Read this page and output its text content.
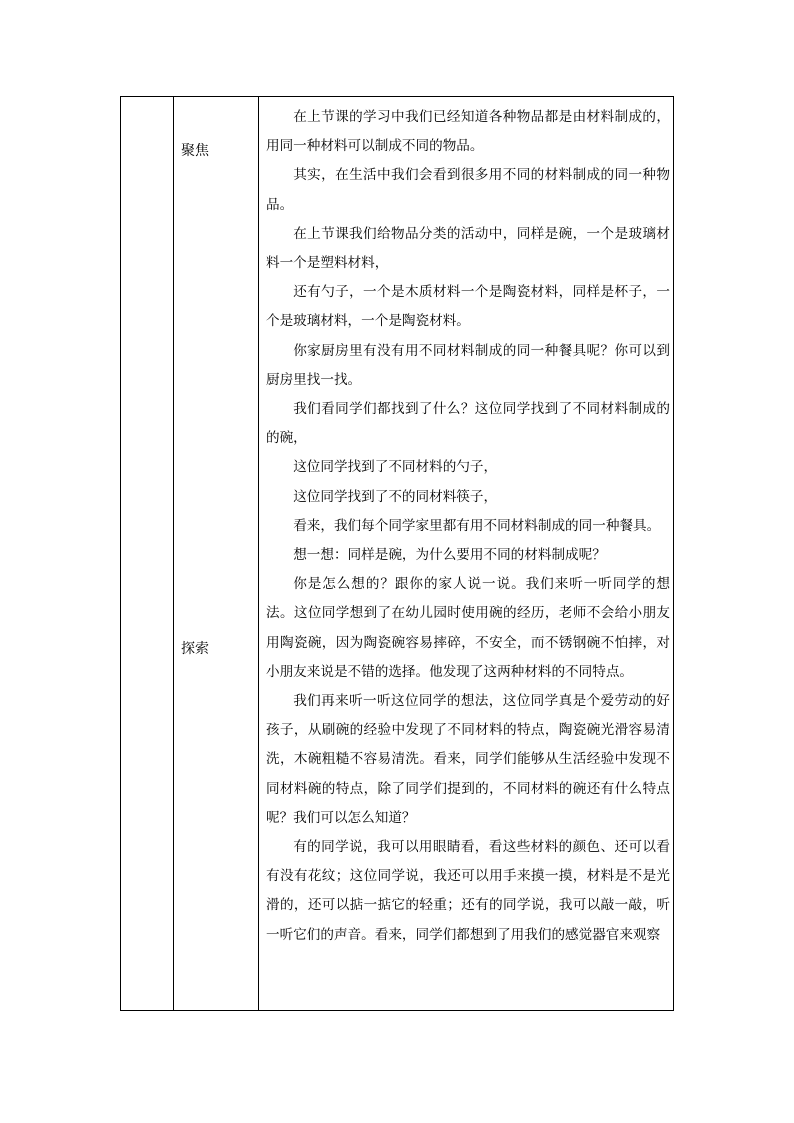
聚焦
探索

在上节课的学习中我们已经知道各种物品都是由材料制成的，用同一种材料可以制成不同的物品。

其实，在生活中我们会看到很多用不同的材料制成的同一种物品。

在上节课我们给物品分类的活动中，同样是碗，一个是玻璃材料一个是塑料材料，

还有勺子，一个是木质材料一个是陶瓷材料，同样是杯子，一个是玻璃材料，一个是陶瓷材料。

你家厨房里有没有用不同材料制成的同一种餐具呢？你可以到厨房里找一找。

我们看同学们都找到了什么？这位同学找到了不同材料制成的的碗，

这位同学找到了不同材料的勺子，

这位同学找到了不的同材料筷子，

看来，我们每个同学家里都有用不同材料制成的同一种餐具。

想一想：同样是碗，为什么要用不同的材料制成呢？

你是怎么想的？跟你的家人说一说。我们来听一听同学的想法。这位同学想到了在幼儿园时使用碗的经历，老师不会给小朋友用陶瓷碗，因为陶瓷碗容易摔碎，不安全，而不锈钢碗不怕摔，对小朋友来说是不错的选择。他发现了这两种材料的不同特点。

我们再来听一听这位同学的想法，这位同学真是个爱劳动的好孩子，从刷碗的经验中发现了不同材料的特点，陶瓷碗光滑容易清洗，木碗粗糙不容易清洗。看来，同学们能够从生活经验中发现不同材料碗的特点，除了同学们提到的，不同材料的碗还有什么特点呢？我们可以怎么知道？

有的同学说，我可以用眼睛看，看这些材料的颜色、还可以看有没有花纹；这位同学说，我还可以用手来摸一摸，材料是不是光滑的，还可以掂一掂它的轻重；还有的同学说，我可以敲一敲，听一听它们的声音。看来，同学们都想到了用我们的感觉器官来观察
